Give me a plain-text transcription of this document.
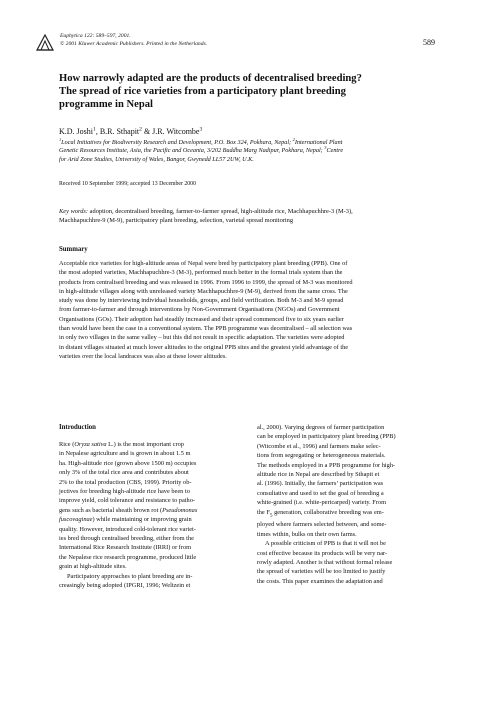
Euphytica 122: 589–597, 2001.
© 2001 Kluwer Academic Publishers. Printed in the Netherlands.	589
How narrowly adapted are the products of decentralised breeding?
The spread of rice varieties from a participatory plant breeding
programme in Nepal
K.D. Joshi$^1$, B.R. Sthapit$^2$ & J.R. Witcombe$^3$
$^1$Local Initiatives for Biodiversity Research and Development, P.O. Box 324, Pokhara, Nepal; $^2$International Plant
Genetic Resources Institute, Asia, the Pacific and Oceania, 3/202 Buddha Marg Nadipur, Pokhara, Nepal; $^3$Centre
for Arid Zone Studies, University of Wales, Bangor, Gwynedd LL57 2UW, U.K.
Received 10 September 1999; accepted 13 December 2000
Key words: adoption, decentralised breeding, farmer-to-farmer spread, high-altitude rice, Machhapuchhre-3 (M-3),
Machhapuchhre-9 (M-9), participatory plant breeding, selection, varietal spread monitoring
Summary
Acceptable rice varieties for high-altitude areas of Nepal were bred by participatory plant breeding (PPB). One of
the most adopted varieties, Machhapuchhre-3 (M-3), performed much better in the formal trials system than the
products from centralised breeding and was released in 1996. From 1996 to 1999, the spread of M-3 was monitored
in high-altitude villages along with unreleased variety Machhapuchhre-9 (M-9), derived from the same cross. The
study was done by interviewing individual households, groups, and field verification. Both M-3 and M-9 spread
from farmer-to-farmer and through interventions by Non-Government Organisations (NGOs) and Government
Organisations (GOs). Their adoption had steadily increased and their spread commenced five to six years earlier
than would have been the case in a conventional system. The PPB programme was decentralised – all selection was
in only two villages in the same valley – but this did not result in specific adaptation. The varieties were adopted
in distant villages situated at much lower altitudes to the original PPB sites and the greatest yield advantage of the
varieties over the local landraces was also at these lower altitudes.
Introduction
Rice (Oryza sativa L.) is the most important crop
in Nepalese agriculture and is grown in about 1.5 m
ha. High-altitude rice (grown above 1500 m) occupies
only 3% of the total rice area and contributes about
2% to the total production (CBS, 1999). Priority ob-
jectives for breeding high-altitude rice have been to
improve yield, cold tolerance and resistance to patho-
gens such as bacterial sheath brown rot (Pseudomonas
fuscovaginae) while maintaining or improving grain
quality. However, introduced cold-tolerant rice variet-
ies bred through centralised breeding, either from the
International Rice Research Institute (IRRI) or from
the Nepalese rice research programme, produced little
grain at high-altitude sites.
Participatory approaches to plant breeding are in-
creasingly being adopted (IPGRI, 1996; Weltzein et
al., 2000). Varying degrees of farmer participation
can be employed in participatory plant breeding (PPB)
(Witcombe et al., 1996) and farmers make selec-
tions from segregating or heterogeneous materials.
The methods employed in a PPB programme for high-
altitude rice in Nepal are described by Sthapit et
al. (1996). Initially, the farmers’ participation was
consultative and used to set the goal of breeding a
white-grained (i.e. white-pericarped) variety. From
the $F_5$ generation, collaborative breeding was em-
ployed where farmers selected between, and some-
times within, bulks on their own farms.
A possible criticism of PPB is that it will not be
cost effective because its products will be very nar-
rowly adapted. Another is that without formal release
the spread of varieties will be too limited to justify
the costs. This paper examines the adaptation and
